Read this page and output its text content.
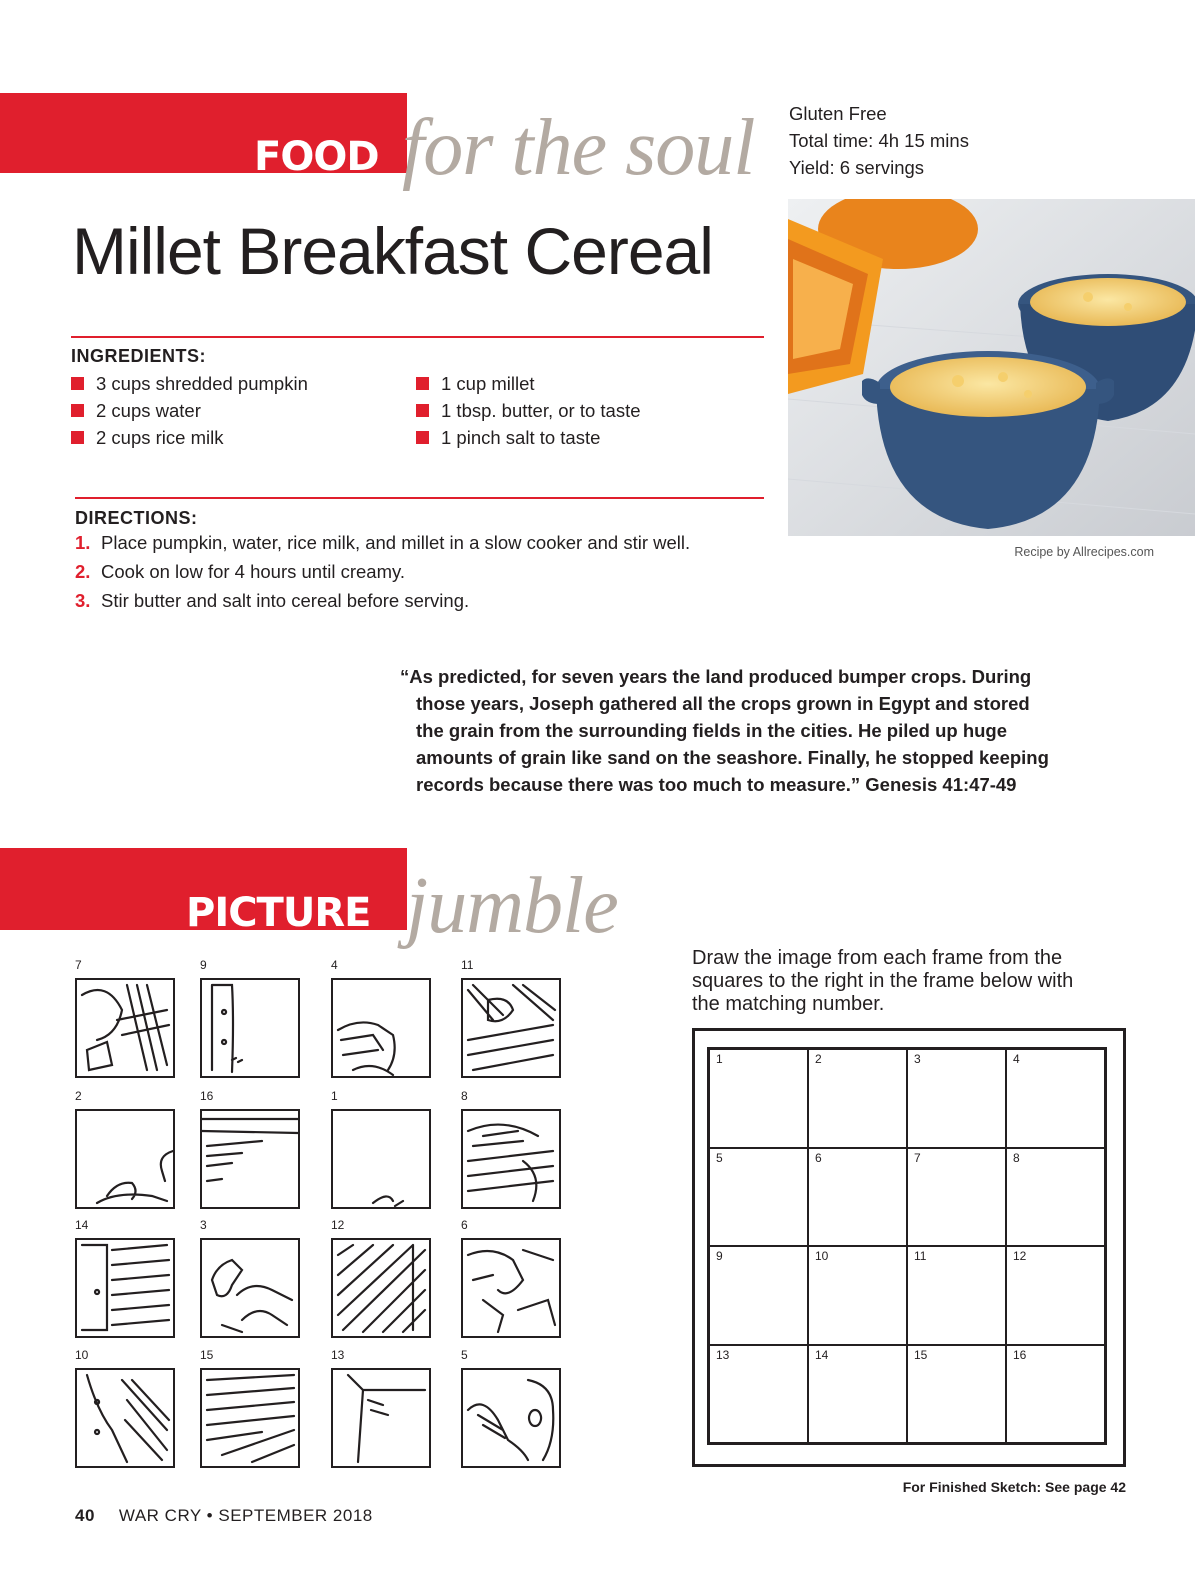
FOOD for the soul Gluten Free
Total time: 4h 15 mins
Yield: 6 servings
Millet Breakfast Cereal
INGREDIENTS:
3 cups shredded pumpkin
2 cups water
2 cups rice milk
1 cup millet
1 tbsp. butter, or to taste
1 pinch salt to taste
DIRECTIONS:
1. Place pumpkin, water, rice milk, and millet in a slow cooker and stir well.
2. Cook on low for 4 hours until creamy.
3. Stir butter and salt into cereal before serving.
Recipe by Allrecipes.com
“As predicted, for seven years the land produced bumper crops. During
those years, Joseph gathered all the crops grown in Egypt and stored
the grain from the surrounding fields in the cities. He piled up huge
amounts of grain like sand on the seashore. Finally, he stopped keeping
records because there was too much to measure.” Genesis 41:47-49
PICTURE jumble
7	9	4	11
2	16	1	8
14	3	12	6
10	15	13	5
Draw the image from each frame from the
squares to the right in the frame below with
the matching number.
1	2	3	4
5	6	7	8
9	10	11	12
13	14	15	16
For Finished Sketch: See page 42
40 WAR CRY • SEPTEMBER 2018
